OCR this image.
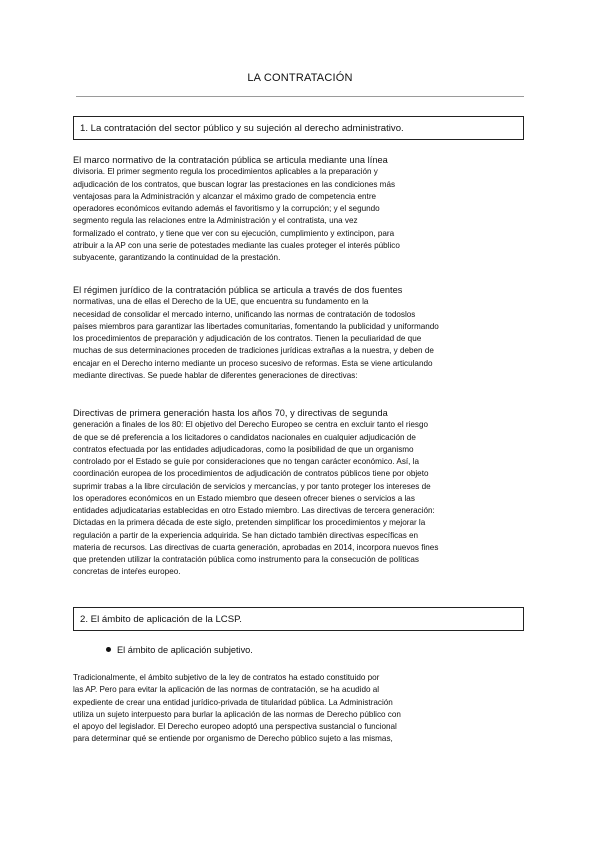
LA CONTRATACIÓN
1. La contratación del sector público y su sujeción al derecho administrativo.
El marco normativo de la contratación pública se articula mediante una línea
divisoria. El primer segmento regula los procedimientos aplicables a la preparación y
adjudicación de los contratos, que buscan lograr las prestaciones en las condiciones más
ventajosas para la Administración y alcanzar el máximo grado de competencia entre
operadores económicos evitando además el favoritismo y la corrupción; y el segundo
segmento regula las relaciones entre la Administración y el contratista, una vez
formalizado el contrato, y tiene que ver con su ejecución, cumplimiento y extincipon, para
atribuir a la AP con una serie de potestades mediante las cuales proteger el interés público
subyacente, garantizando la continuidad de la prestación.
El régimen jurídico de la contratación pública se articula a través de dos fuentes
normativas, una de ellas el Derecho de la UE, que encuentra su fundamento en la
necesidad de consolidar el mercado interno, unificando las normas de contratación de todoslos
países miembros para garantizar las libertades comunitarias, fomentando la publicidad y uniformando
los procedimientos de preparación y adjudicación de los contratos. Tienen la peculiaridad de que
muchas de sus determinaciones proceden de tradiciones jurídicas extrañas a la nuestra, y deben de
encajar en el Derecho interno mediante un proceso sucesivo de reformas. Esta se viene articulando
mediante directivas. Se puede hablar de diferentes generaciones de directivas:
Directivas de primera generación hasta los años 70, y directivas de segunda
generación a finales de los 80: El objetivo del Derecho Europeo se centra en excluir tanto el riesgo
de que se dé preferencia a los licitadores o candidatos nacionales en cualquier adjudicación de
contratos efectuada por las entidades adjudicadoras, como la posibilidad de que un organismo
controlado por el Estado se guíe por consideraciones que no tengan carácter económico. Así, la
coordinación europea de los procedimientos de adjudicación de contratos públicos tiene por objeto
suprimir trabas a la libre circulación de servicios y mercancías, y por tanto proteger los intereses de
los operadores económicos en un Estado miembro que deseen ofrecer bienes o servicios a las
entidades adjudicatarias establecidas en otro Estado miembro. Las directivas de tercera generación:
Dictadas en la primera década de este siglo, pretenden simplificar los procedimientos y mejorar la
regulación a partir de la experiencia adquirida. Se han dictado también directivas específicas en
materia de recursos. Las directivas de cuarta generación, aprobadas en 2014, incorpora nuevos fines
que pretenden utilizar la contratación pública como instrumento para la consecución de políticas
concretas de inteŕes europeo.
2. El ámbito de aplicación de la LCSP.
El ámbito de aplicación subjetivo.
Tradicionalmente, el ámbito subjetivo de la ley de contratos ha estado constituido por
las AP. Pero para evitar la aplicación de las normas de contratación, se ha acudido al
expediente de crear una entidad jurídico-privada de titularidad pública. La Administración
utiliza un sujeto interpuesto para burlar la aplicación de las normas de Derecho público con
el apoyo del legislador. El Derecho europeo adoptó una perspectiva sustancial o funcional
para determinar qué se entiende por organismo de Derecho público sujeto a las mismas,
